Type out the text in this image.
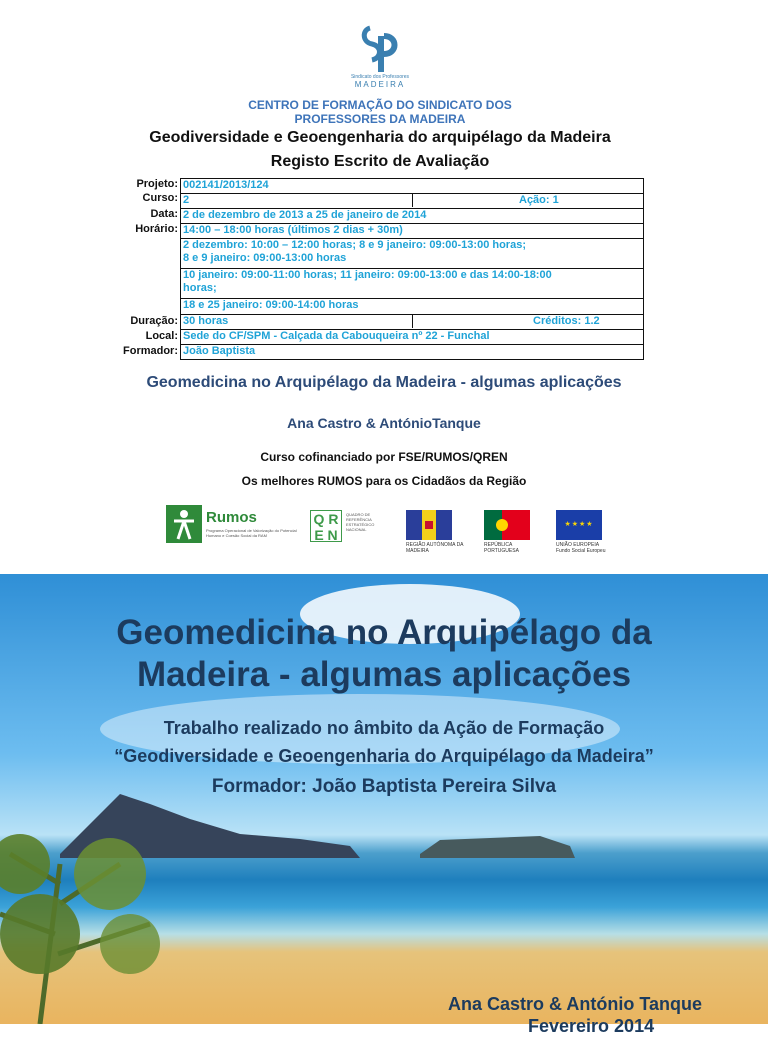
Sindicato dos Professores
MADEIRA
CENTRO DE FORMAÇÃO DO SINDICATO DOS
PROFESSORES DA MADEIRA
Geodiversidade e Geoengenharia do arquipélago da Madeira
Registo Escrito de Avaliação
Projeto:
Curso:
Data:
Horário:
Duração:
Local:
Formador:
002141/2013/124
2	Ação: 1
2 de dezembro de 2013 a 25 de janeiro de 2014
14:00 – 18:00 horas (últimos 2 dias + 30m)
2 dezembro: 10:00 – 12:00 horas; 8 e 9 janeiro: 09:00-13:00 horas;
8 e 9 janeiro: 09:00-13:00 horas
10 janeiro: 09:00-11:00 horas; 11 janeiro: 09:00-13:00 e das 14:00-18:00
horas;
18 e 25 janeiro: 09:00-14:00 horas
30 horas	Créditos: 1.2
Sede do CF/SPM - Calçada da Cabouqueira nº 22 - Funchal
João Baptista
Geomedicina no Arquipélago da Madeira - algumas aplicações
Ana Castro & AntónioTanque
Curso cofinanciado por FSE/RUMOS/QREN
Os melhores RUMOS para os Cidadãos da Região
Rumos
Programa Operacional de Valorização do Potencial Humano e Coesão Social da RAM
Q R
E N
QUADRO DE REFERÊNCIA ESTRATÉGICO NACIONAL
REGIÃO AUTÓNOMA DA MADEIRA
REPÚBLICA PORTUGUESA
★★★★
UNIÃO EUROPEIA
Fundo Social Europeu
Geomedicina no Arquipélago da
Madeira - algumas aplicações
Trabalho realizado no âmbito da Ação de Formação
“Geodiversidade e Geoengenharia do Arquipélago da Madeira”
Formador: João Baptista Pereira Silva
Ana Castro & António Tanque
Fevereiro 2014
